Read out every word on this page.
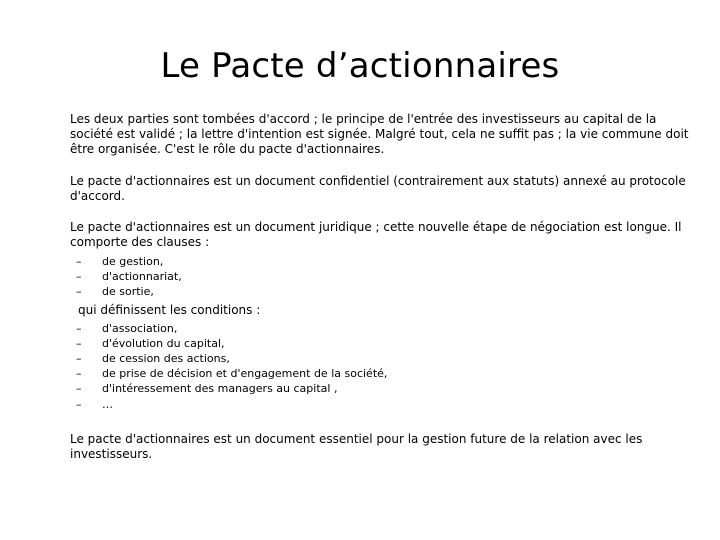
Le Pacte d’actionnaires

Les deux parties sont tombées d'accord ; le principe de l'entrée des investisseurs au capital de la société est validé ; la lettre d'intention est signée. Malgré tout, cela ne suffit pas ; la vie commune doit être organisée. C'est le rôle du pacte d'actionnaires.

Le pacte d'actionnaires est un document confidentiel (contrairement aux statuts) annexé au protocole d'accord.

Le pacte d'actionnaires est un document juridique ; cette nouvelle étape de négociation est longue. Il comporte des clauses :

– de gestion,
– d'actionnariat,
– de sortie,

qui définissent les conditions :

– d'association,
– d'évolution du capital,
– de cession des actions,
– de prise de décision et d'engagement de la société,
– d'intéressement des managers au capital ,
– …

Le pacte d'actionnaires est un document essentiel pour la gestion future de la relation avec les investisseurs.
